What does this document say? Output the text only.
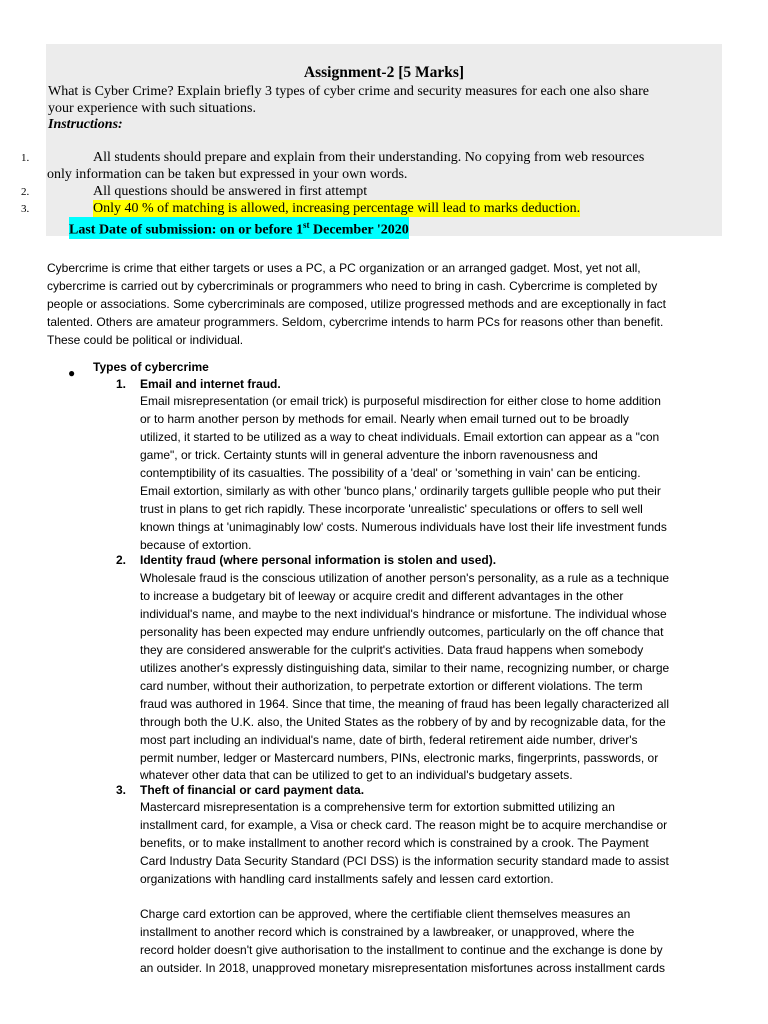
Assignment-2 [5 Marks]
What is Cyber Crime? Explain briefly 3 types of cyber crime and security measures for each one also share
your experience with such situations.
Instructions:
1.	All students should prepare and explain from their understanding. No copying from web resources
only information can be taken but expressed in your own words.
2.	All questions should be answered in first attempt
3.	Only 40 % of matching is allowed, increasing percentage will lead to marks deduction.
Last Date of submission: on or before 1st December '2020
Cybercrime is crime that either targets or uses a PC, a PC organization or an arranged gadget. Most, yet not all,
cybercrime is carried out by cybercriminals or programmers who need to bring in cash. Cybercrime is completed by
people or associations. Some cybercriminals are composed, utilize progressed methods and are exceptionally in fact
talented. Others are amateur programmers. Seldom, cybercrime intends to harm PCs for reasons other than benefit.
These could be political or individual.
● Types of cybercrime
1. Email and internet fraud.
Email misrepresentation (or email trick) is purposeful misdirection for either close to home addition
or to harm another person by methods for email. Nearly when email turned out to be broadly
utilized, it started to be utilized as a way to cheat individuals. Email extortion can appear as a "con
game", or trick. Certainty stunts will in general adventure the inborn ravenousness and
contemptibility of its casualties. The possibility of a 'deal' or 'something in vain' can be enticing.
Email extortion, similarly as with other 'bunco plans,' ordinarily targets gullible people who put their
trust in plans to get rich rapidly. These incorporate 'unrealistic' speculations or offers to sell well
known things at 'unimaginably low' costs. Numerous individuals have lost their life investment funds
because of extortion.
2. Identity fraud (where personal information is stolen and used).
Wholesale fraud is the conscious utilization of another person's personality, as a rule as a technique
to increase a budgetary bit of leeway or acquire credit and different advantages in the other
individual's name, and maybe to the next individual's hindrance or misfortune. The individual whose
personality has been expected may endure unfriendly outcomes, particularly on the off chance that
they are considered answerable for the culprit's activities. Data fraud happens when somebody
utilizes another's expressly distinguishing data, similar to their name, recognizing number, or charge
card number, without their authorization, to perpetrate extortion or different violations. The term
fraud was authored in 1964. Since that time, the meaning of fraud has been legally characterized all
through both the U.K. also, the United States as the robbery of by and by recognizable data, for the
most part including an individual's name, date of birth, federal retirement aide number, driver's
permit number, ledger or Mastercard numbers, PINs, electronic marks, fingerprints, passwords, or
whatever other data that can be utilized to get to an individual's budgetary assets.
3. Theft of financial or card payment data.
Mastercard misrepresentation is a comprehensive term for extortion submitted utilizing an
installment card, for example, a Visa or check card. The reason might be to acquire merchandise or
benefits, or to make installment to another record which is constrained by a crook. The Payment
Card Industry Data Security Standard (PCI DSS) is the information security standard made to assist
organizations with handling card installments safely and lessen card extortion.
Charge card extortion can be approved, where the certifiable client themselves measures an
installment to another record which is constrained by a lawbreaker, or unapproved, where the
record holder doesn't give authorisation to the installment to continue and the exchange is done by
an outsider. In 2018, unapproved monetary misrepresentation misfortunes across installment cards
